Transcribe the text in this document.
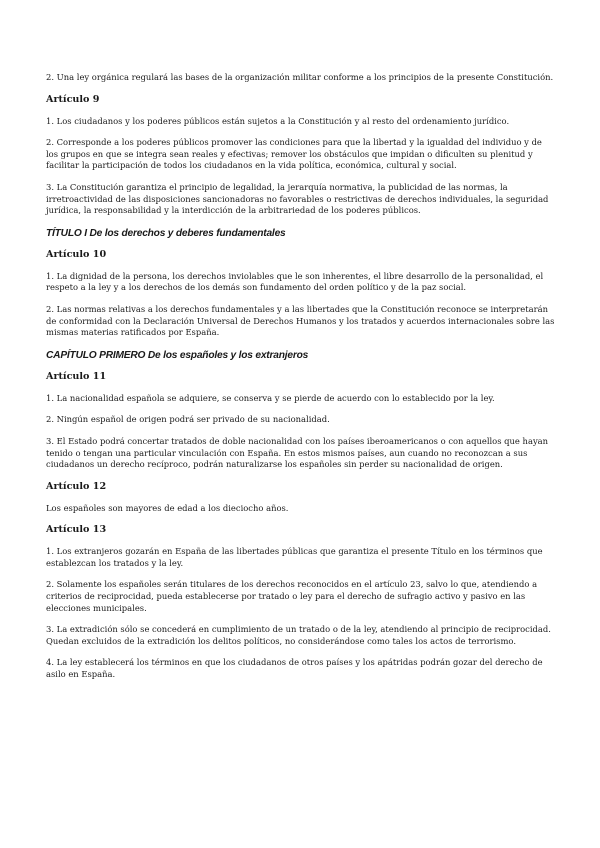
2. Una ley orgánica regulará las bases de la organización militar conforme a los principios de la presente Constitución.

Artículo 9

1. Los ciudadanos y los poderes públicos están sujetos a la Constitución y al resto del ordenamiento jurídico.

2. Corresponde a los poderes públicos promover las condiciones para que la libertad y la igualdad del individuo y de los grupos en que se integra sean reales y efectivas; remover los obstáculos que impidan o dificulten su plenitud y facilitar la participación de todos los ciudadanos en la vida política, económica, cultural y social.

3. La Constitución garantiza el principio de legalidad, la jerarquía normativa, la publicidad de las normas, la irretroactividad de las disposiciones sancionadoras no favorables o restrictivas de derechos individuales, la seguridad jurídica, la responsabilidad y la interdicción de la arbitrariedad de los poderes públicos.

TÍTULO I De los derechos y deberes fundamentales

Artículo 10

1. La dignidad de la persona, los derechos inviolables que le son inherentes, el libre desarrollo de la personalidad, el respeto a la ley y a los derechos de los demás son fundamento del orden político y de la paz social.

2. Las normas relativas a los derechos fundamentales y a las libertades que la Constitución reconoce se interpretarán de conformidad con la Declaración Universal de Derechos Humanos y los tratados y acuerdos internacionales sobre las mismas materias ratificados por España.

CAPÍTULO PRIMERO De los españoles y los extranjeros

Artículo 11

1. La nacionalidad española se adquiere, se conserva y se pierde de acuerdo con lo establecido por la ley.

2. Ningún español de origen podrá ser privado de su nacionalidad.

3. El Estado podrá concertar tratados de doble nacionalidad con los países iberoamericanos o con aquellos que hayan tenido o tengan una particular vinculación con España. En estos mismos países, aun cuando no reconozcan a sus ciudadanos un derecho recíproco, podrán naturalizarse los españoles sin perder su nacionalidad de origen.

Artículo 12

Los españoles son mayores de edad a los dieciocho años.

Artículo 13

1. Los extranjeros gozarán en España de las libertades públicas que garantiza el presente Título en los términos que establezcan los tratados y la ley.

2. Solamente los españoles serán titulares de los derechos reconocidos en el artículo 23, salvo lo que, atendiendo a criterios de reciprocidad, pueda establecerse por tratado o ley para el derecho de sufragio activo y pasivo en las elecciones municipales.

3. La extradición sólo se concederá en cumplimiento de un tratado o de la ley, atendiendo al principio de reciprocidad. Quedan excluidos de la extradición los delitos políticos, no considerándose como tales los actos de terrorismo.

4. La ley establecerá los términos en que los ciudadanos de otros países y los apátridas podrán gozar del derecho de asilo en España.
